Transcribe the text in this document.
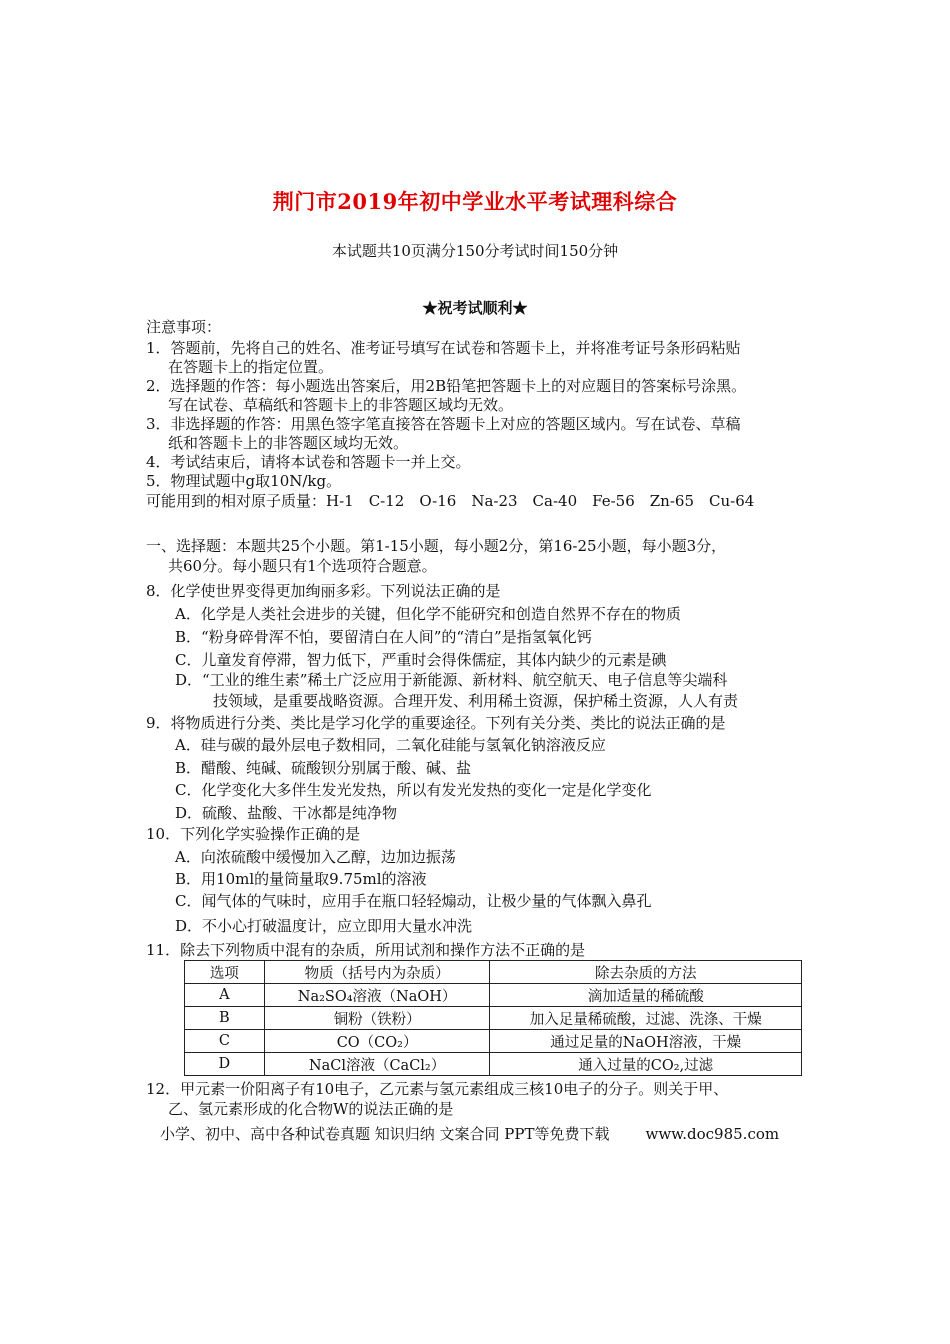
荆门市2019年初中学业水平考试理科综合
本试题共10页满分150分考试时间150分钟
★祝考试顺利★
注意事项：
1．答题前，先将自己的姓名、准考证号填写在试卷和答题卡上，并将准考证号条形码粘贴
在答题卡上的指定位置。
2．选择题的作答：每小题选出答案后，用2B铅笔把答题卡上的对应题目的答案标号涂黑。
写在试卷、草稿纸和答题卡上的非答题区域均无效。
3．非选择题的作答：用黑色签字笔直接答在答题卡上对应的答题区域内。写在试卷、草稿
纸和答题卡上的非答题区域均无效。
4．考试结束后，请将本试卷和答题卡一并上交。
5．物理试题中g取10N/kg。
可能用到的相对原子质量：H-1　C-12　O-16　Na-23　Ca-40　Fe-56　Zn-65　Cu-64
一、选择题：本题共25个小题。第1-15小题，每小题2分，第16-25小题，每小题3分，
共60分。每小题只有1个选项符合题意。
8．化学使世界变得更加绚丽多彩。下列说法正确的是
A．化学是人类社会进步的关键，但化学不能研究和创造自然界不存在的物质
B．“粉身碎骨浑不怕，要留清白在人间”的“清白”是指氢氧化钙
C．儿童发育停滞，智力低下，严重时会得侏儒症，其体内缺少的元素是碘
D．“工业的维生素”稀土广泛应用于新能源、新材料、航空航天、电子信息等尖端科
技领域，是重要战略资源。合理开发、利用稀土资源，保护稀土资源，人人有责
9．将物质进行分类、类比是学习化学的重要途径。下列有关分类、类比的说法正确的是
A．硅与碳的最外层电子数相同，二氧化硅能与氢氧化钠溶液反应
B．醋酸、纯碱、硫酸钡分别属于酸、碱、盐
C．化学变化大多伴生发光发热，所以有发光发热的变化一定是化学变化
D．硫酸、盐酸、干冰都是纯净物
10．下列化学实验操作正确的是
A．向浓硫酸中缓慢加入乙醇，边加边振荡
B．用10ml的量筒量取9.75ml的溶液
C．闻气体的气味时，应用手在瓶口轻轻煽动，让极少量的气体飘入鼻孔
D．不小心打破温度计，应立即用大量水冲洗
11．除去下列物质中混有的杂质，所用试剂和操作方法不正确的是
选项	物质（括号内为杂质）	除去杂质的方法
A	Na₂SO₄溶液（NaOH）	滴加适量的稀硫酸
B	铜粉（铁粉）	加入足量稀硫酸，过滤、洗涤、干燥
C	CO（CO₂）	通过足量的NaOH溶液，干燥
D	NaCl溶液（CaCl₂）	通入过量的CO₂,过滤
12．甲元素一价阳离子有10电子，乙元素与氢元素组成三核10电子的分子。则关于甲、
乙、氢元素形成的化合物W的说法正确的是
小学、初中、高中各种试卷真题 知识归纳 文案合同 PPT等免费下载 www.doc985.com
